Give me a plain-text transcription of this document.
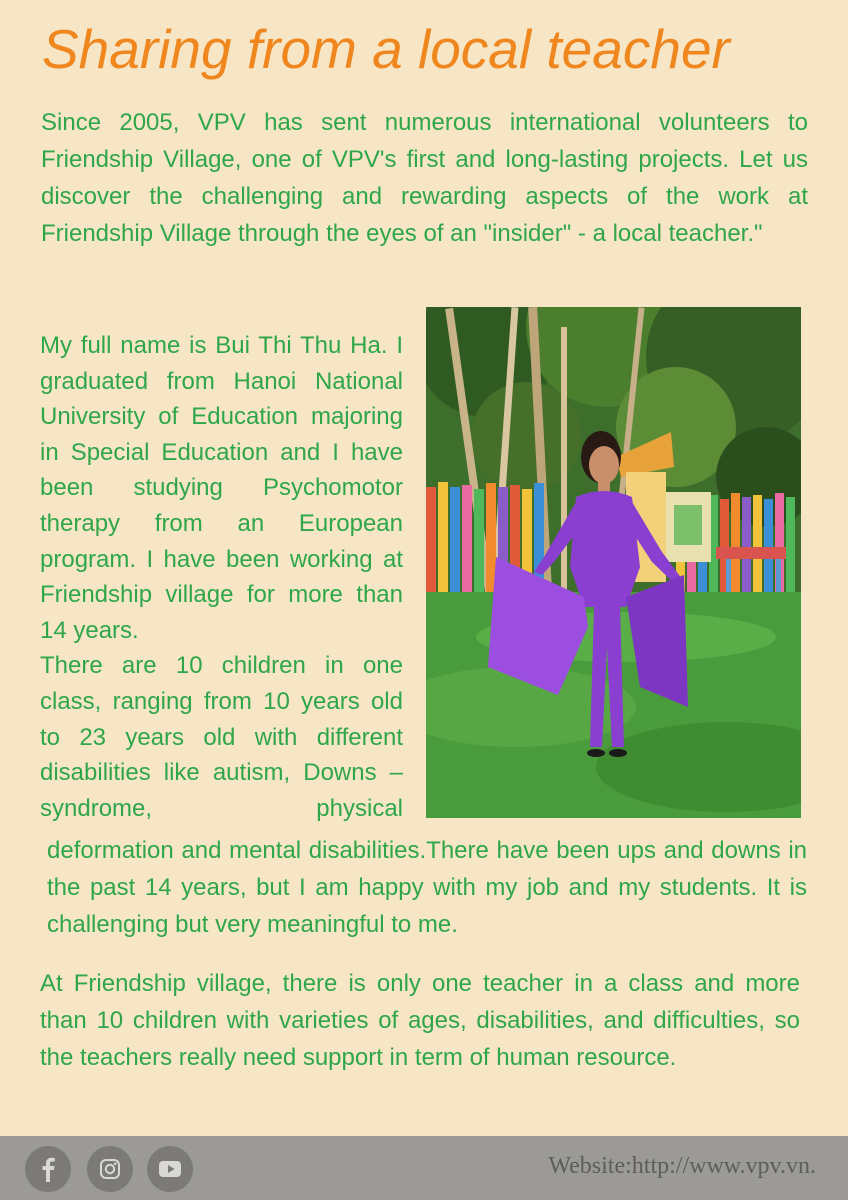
Sharing from a local teacher

Since 2005, VPV has sent numerous international volunteers to Friendship Village, one of VPV's first and long-lasting projects. Let us discover the challenging and rewarding aspects of the work at Friendship Village through the eyes of an "insider" - a local teacher."

My full name is Bui Thi Thu Ha. I graduated from Hanoi National University of Education majoring in Special Education and I have been studying Psychomotor therapy from an European program. I have been working at Friendship village for more than 14 years.
There are 10 children in one class, ranging from 10 years old to 23 years old with different disabilities like autism, Downs – syndrome, physical

deformation and mental disabilities.There have been ups and downs in the past 14 years, but I am happy with my job and my students. It is challenging but very meaningful to me.

At Friendship village, there is only one teacher in a class and more than 10 children with varieties of ages, disabilities, and difficulties, so the teachers really need support in term of human resource.

Website:http://www.vpv.vn.
